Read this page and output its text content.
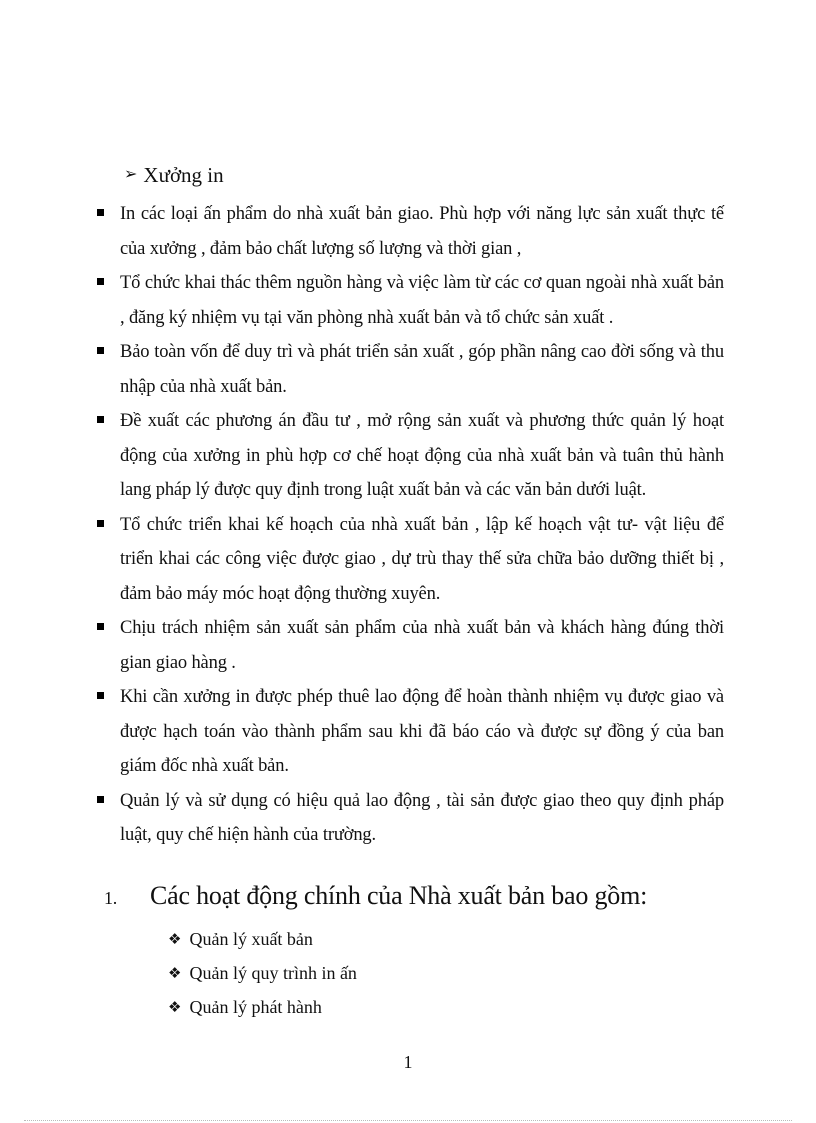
➢ Xưởng in
In các loại ấn phẩm do nhà xuất bản giao. Phù hợp với năng lực sản xuất thực tế của xưởng , đảm bảo chất lượng số lượng và thời gian ,
Tổ chức khai thác thêm nguồn hàng và việc làm từ các cơ quan ngoài nhà xuất bản , đăng ký nhiệm vụ tại văn phòng nhà xuất bản và tổ chức sản xuất .
Bảo toàn vốn để duy trì và phát triển sản xuất , góp phần nâng cao đời sống và thu nhập của nhà xuất bản.
Đề xuất các phương án đầu tư , mở rộng sản xuất và phương thức quản lý hoạt động của xưởng in phù hợp cơ chế hoạt động của nhà xuất bản và tuân thủ hành lang pháp lý được quy định trong luật xuất bản và các văn bản dưới luật.
Tổ chức triển khai kế hoạch của nhà xuất bản , lập kế hoạch vật tư- vật liệu để triển khai các công việc được giao , dự trù thay thế sửa chữa bảo dưỡng thiết bị , đảm bảo máy móc hoạt động thường xuyên.
Chịu trách nhiệm sản xuất sản phẩm của nhà xuất bản và khách hàng đúng thời gian giao hàng .
Khi cần xưởng in được phép thuê lao động để hoàn thành nhiệm vụ được giao và được hạch toán vào thành phẩm sau khi đã báo cáo và được sự đồng ý của ban giám đốc nhà xuất bản.
Quản lý và sử dụng có hiệu quả lao động , tài sản được giao theo quy định pháp luật, quy chế hiện hành của trường.
1.	Các hoạt động chính của Nhà xuất bản bao gồm:
❖ Quản lý xuất bản
❖ Quản lý quy trình in ấn
❖ Quản lý phát hành
1
